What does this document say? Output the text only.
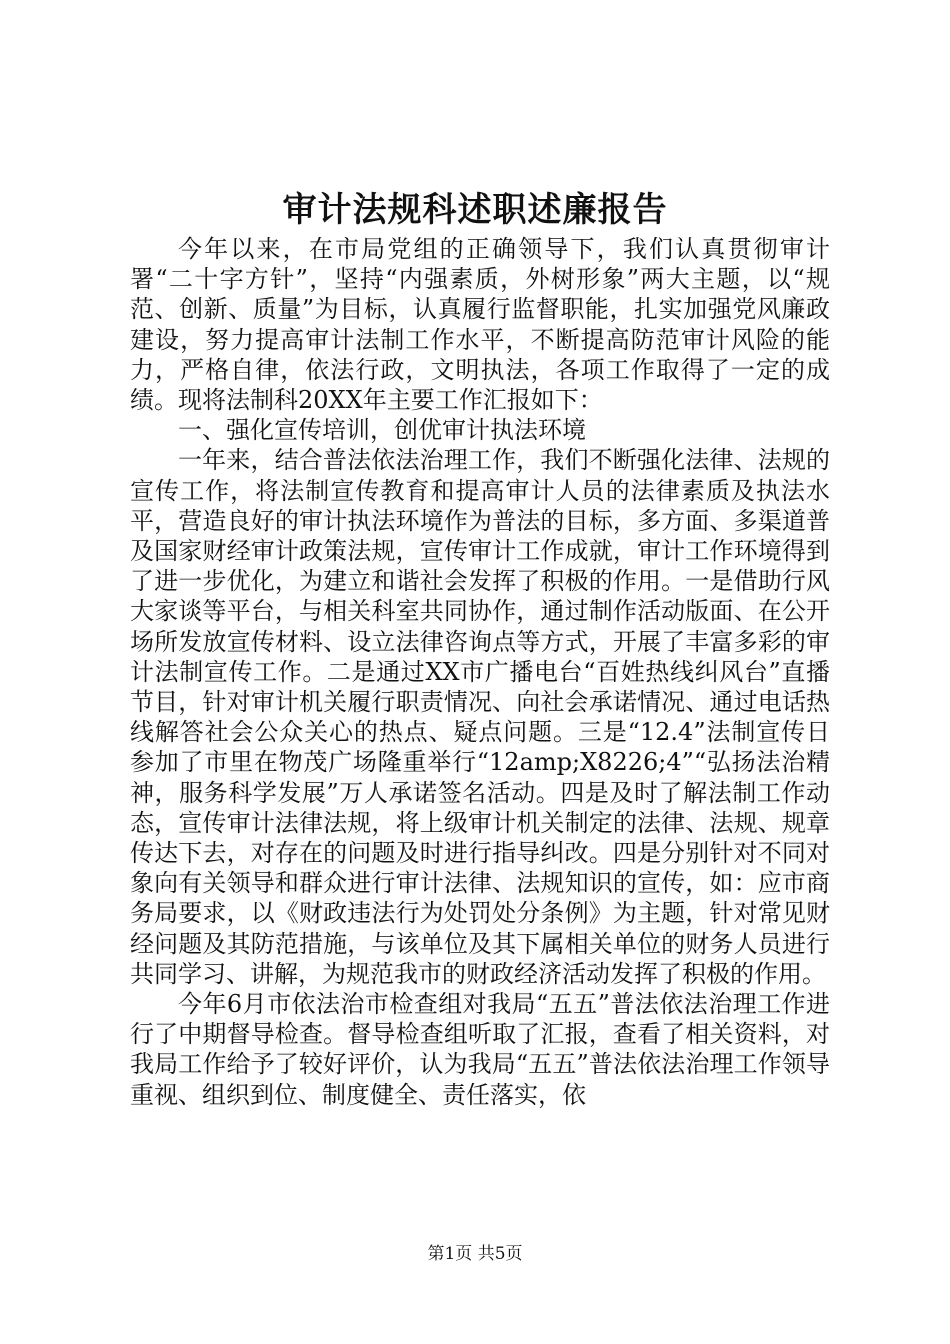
审计法规科述职述廉报告

今年以来，在市局党组的正确领导下，我们认真贯彻审计署“二十字方针”，坚持“内强素质，外树形象”两大主题，以“规范、创新、质量”为目标，认真履行监督职能，扎实加强党风廉政建设，努力提高审计法制工作水平，不断提高防范审计风险的能力，严格自律，依法行政，文明执法，各项工作取得了一定的成绩。现将法制科20XX年主要工作汇报如下：

一、强化宣传培训，创优审计执法环境

一年来，结合普法依法治理工作，我们不断强化法律、法规的宣传工作，将法制宣传教育和提高审计人员的法律素质及执法水平，营造良好的审计执法环境作为普法的目标，多方面、多渠道普及国家财经审计政策法规，宣传审计工作成就，审计工作环境得到了进一步优化，为建立和谐社会发挥了积极的作用。一是借助行风大家谈等平台，与相关科室共同协作，通过制作活动版面、在公开场所发放宣传材料、设立法律咨询点等方式，开展了丰富多彩的审计法制宣传工作。二是通过XX市广播电台“百姓热线纠风台”直播节目，针对审计机关履行职责情况、向社会承诺情况、通过电话热线解答社会公众关心的热点、疑点问题。三是“12.4”法制宣传日参加了市里在物茂广场隆重举行“12amp;X8226;4”“弘扬法治精神，服务科学发展”万人承诺签名活动。四是及时了解法制工作动态，宣传审计法律法规，将上级审计机关制定的法律、法规、规章传达下去，对存在的问题及时进行指导纠改。四是分别针对不同对象向有关领导和群众进行审计法律、法规知识的宣传，如：应市商务局要求，以《财政违法行为处罚处分条例》为主题，针对常见财经问题及其防范措施，与该单位及其下属相关单位的财务人员进行共同学习、讲解，为规范我市的财政经济活动发挥了积极的作用。

今年6月市依法治市检查组对我局“五五”普法依法治理工作进行了中期督导检查。督导检查组听取了汇报，查看了相关资料，对我局工作给予了较好评价，认为我局“五五”普法依法治理工作领导重视、组织到位、制度健全、责任落实，依

第1页 共5页
